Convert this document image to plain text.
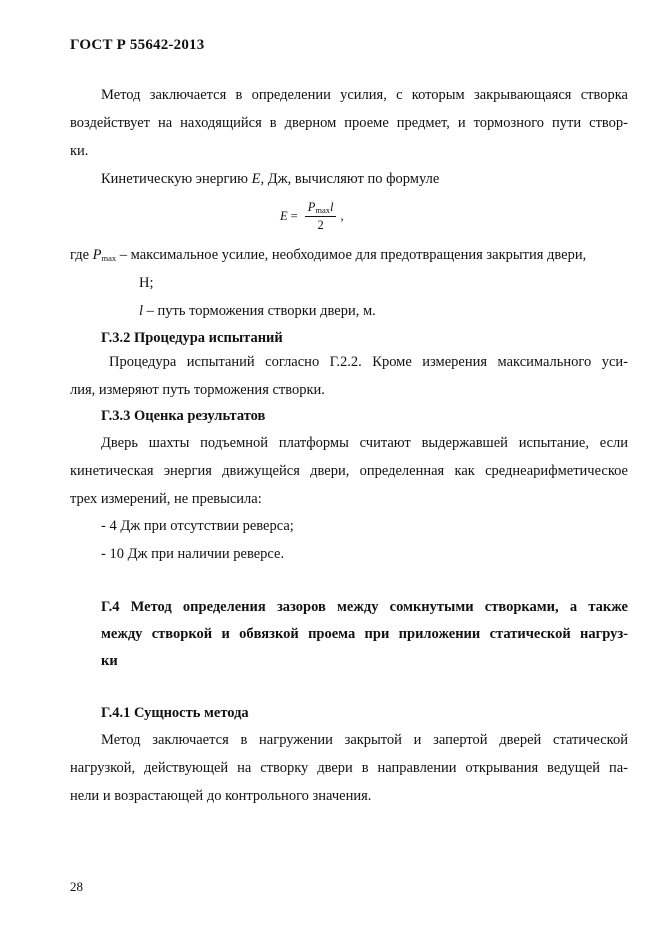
ГОСТ Р 55642-2013
Метод заключается в определении усилия, с которым закрывающаяся створка
воздействует на находящийся в дверном проеме предмет, и тормозного пути створ-
ки.
Кинетическую энергию E, Дж, вычисляют по формуле
$E = \frac{P_{max}l}{2}$ ,
где $P_{max}$ – максимальное усилие, необходимое для предотвращения закрытия двери,
Н;
l – путь торможения створки двери, м.
Г.3.2 Процедура испытаний
Процедура испытаний согласно Г.2.2. Кроме измерения максимального уси-
лия, измеряют путь торможения створки.
Г.3.3 Оценка результатов
Дверь шахты подъемной платформы считают выдержавшей испытание, если
кинетическая энергия движущейся двери, определенная как среднеарифметическое
трех измерений, не превысила:
- 4 Дж при отсутствии реверса;
- 10 Дж при наличии реверсе.
Г.4 Метод определения зазоров между сомкнутыми створками, а также
между створкой и обвязкой проема при приложении статической нагруз-
ки
Г.4.1 Сущность метода
Метод заключается в нагружении закрытой и запертой дверей статической
нагрузкой, действующей на створку двери в направлении открывания ведущей па-
нели и возрастающей до контрольного значения.
28
